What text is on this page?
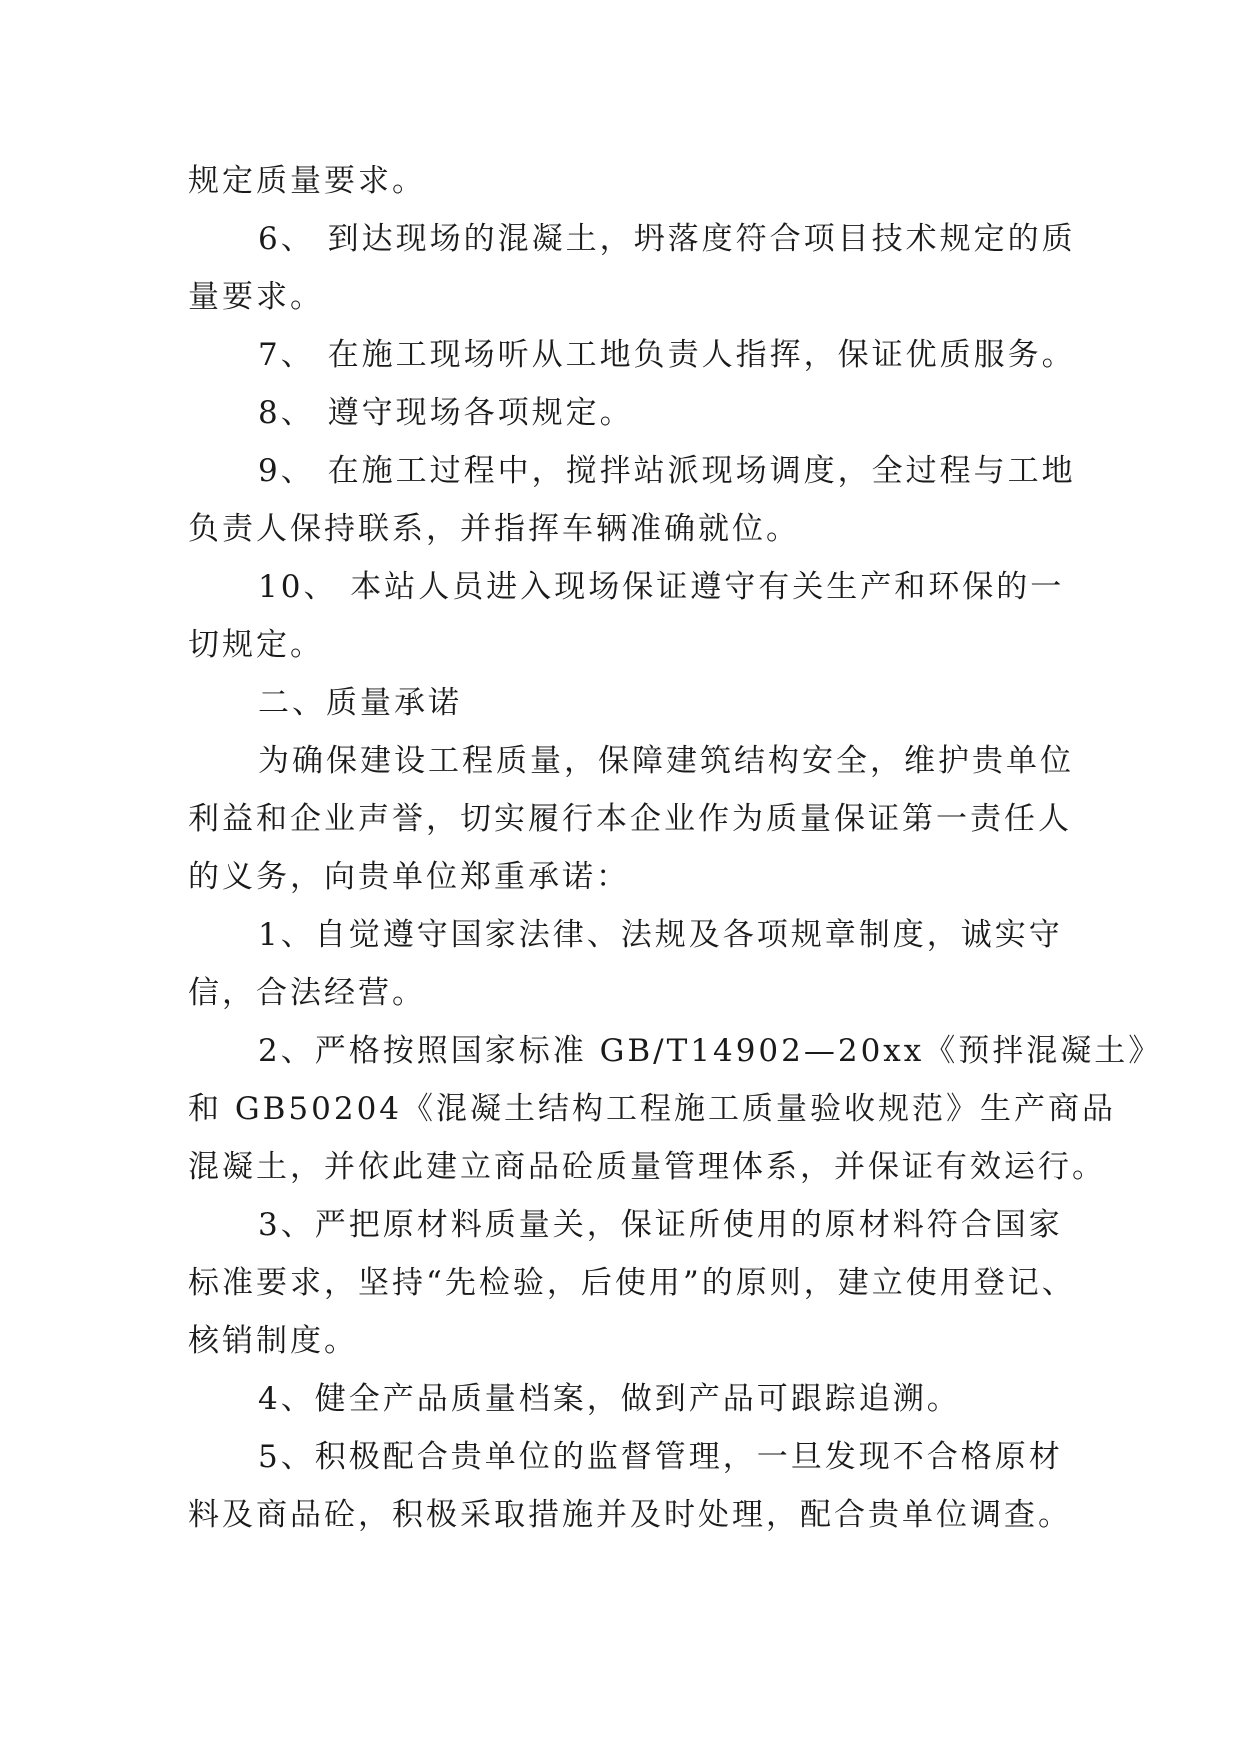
规定质量要求。
6、 到达现场的混凝土，坍落度符合项目技术规定的质
量要求。
7、 在施工现场听从工地负责人指挥，保证优质服务。
8、 遵守现场各项规定。
9、 在施工过程中，搅拌站派现场调度，全过程与工地
负责人保持联系，并指挥车辆准确就位。
10、 本站人员进入现场保证遵守有关生产和环保的一
切规定。
二、质量承诺
为确保建设工程质量，保障建筑结构安全，维护贵单位
利益和企业声誉，切实履行本企业作为质量保证第一责任人
的义务，向贵单位郑重承诺：
1、自觉遵守国家法律、法规及各项规章制度，诚实守
信，合法经营。
2、严格按照国家标准 GB/T14902—20xx《预拌混凝土》
和 GB50204《混凝土结构工程施工质量验收规范》生产商品
混凝土，并依此建立商品砼质量管理体系，并保证有效运行。
3、严把原材料质量关，保证所使用的原材料符合国家
标准要求，坚持“先检验，后使用”的原则，建立使用登记、
核销制度。
4、健全产品质量档案，做到产品可跟踪追溯。
5、积极配合贵单位的监督管理，一旦发现不合格原材
料及商品砼，积极采取措施并及时处理，配合贵单位调查。
